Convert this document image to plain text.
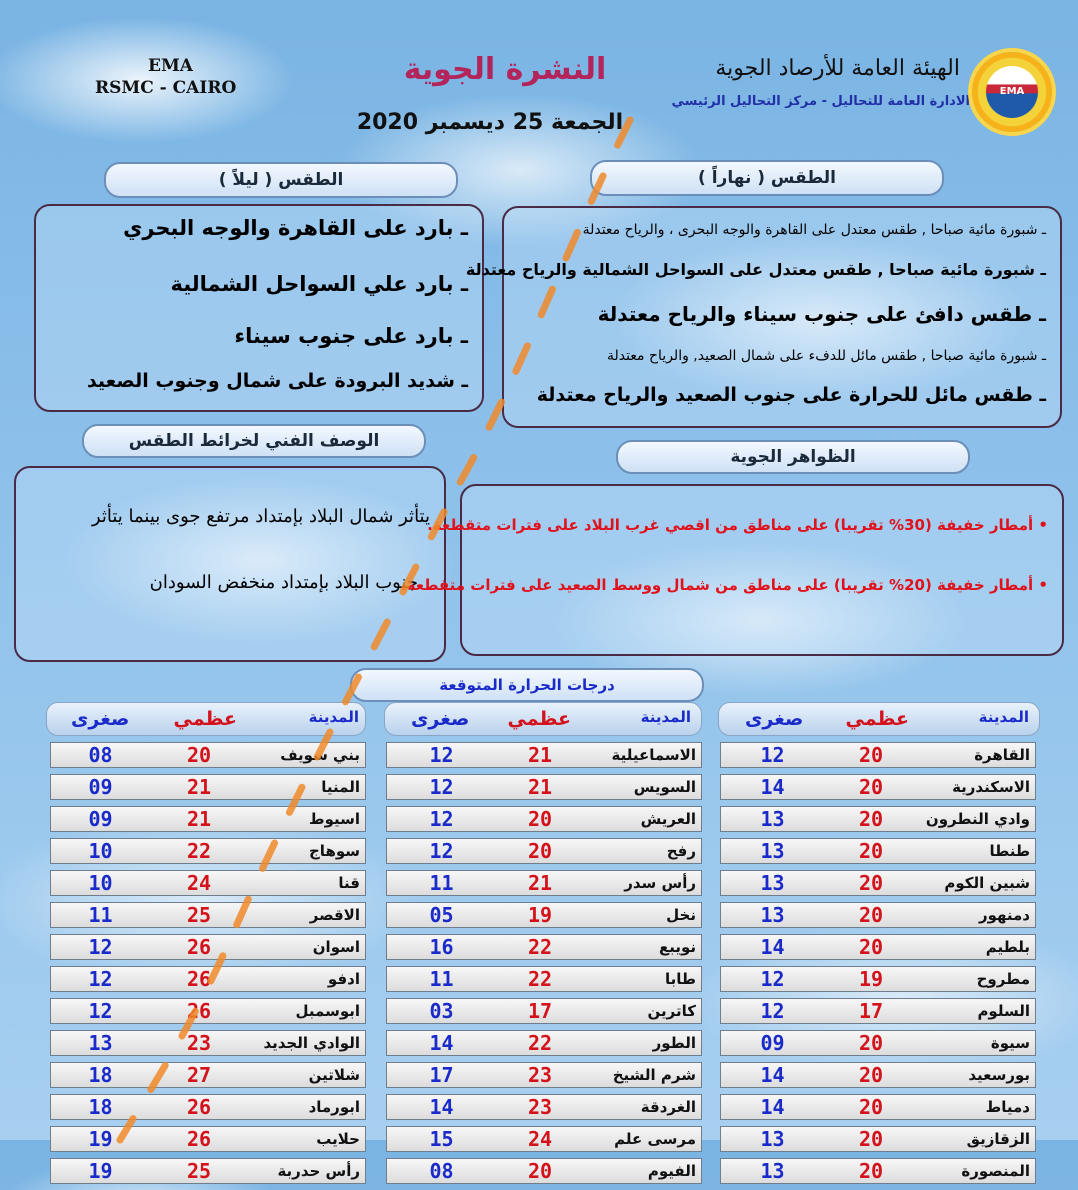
EMA
RSMC - CAIRO
النشرة الجوية
الجمعة 25 ديسمبر 2020
الهيئة العامة للأرصاد الجوية
الادارة العامة للتحاليل - مركز التحاليل الرئيسي
EMA
الطقس ( ليلاً )	الطقس ( نهاراً )
ـ بارد على القاهرة والوجه البحري
ـ بارد علي السواحل الشمالية
ـ بارد على جنوب سيناء
ـ شديد البرودة على شمال وجنوب الصعيد
ـ شبورة مائية صباحا , طقس معتدل على القاهرة والوجه البحرى ، والرياح معتدلة
ـ شبورة مائية صباحا , طقس معتدل على السواحل الشمالية والرياح معتدلة
ـ طقس دافئ على جنوب سيناء والرياح معتدلة
ـ شبورة مائية صباحا , طقس مائل للدفء على شمال الصعيد, والرياح معتدلة
ـ طقس مائل للحرارة على جنوب الصعيد والرياح معتدلة
الوصف الفني لخرائط الطقس
الظواهر الجوية
يتأثر شمال البلاد بإمتداد مرتفع جوى بينما يتأثر
جنوب البلاد بإمتداد منخفض السودان
• أمطار خفيفة (30% تقريبا) على مناطق من اقصي غرب البلاد على فترات متقطعة.
• أمطار خفيفة (20% تقريبا) على مناطق من شمال ووسط الصعيد على فترات متقطعة.
درجات الحرارة المتوقعة
المدينة
عظمي
صغرى
المدينة
عظمي
صغرى
المدينة
عظمي
صغرى
08	20	بني سويف
09	21	المنيا
09	21	اسيوط
10	22	سوهاج
10	24	قنا
11	25	الاقصر
12	26	اسوان
12	26	ادفو
12	26	ابوسمبل
13	23	الوادي الجديد
18	27	شلاتين
18	26	ابورماد
19	26	حلايب
19	25	رأس حدربة
12	21	الاسماعيلية
12	21	السويس
12	20	العريش
12	20	رفح
11	21	رأس سدر
05	19	نخل
16	22	نويبع
11	22	طابا
03	17	كاترين
14	22	الطور
17	23	شرم الشيخ
14	23	الغردقة
15	24	مرسى علم
08	20	الفيوم
12	20	القاهرة
14	20	الاسكندرية
13	20	وادي النطرون
13	20	طنطا
13	20	شبين الكوم
13	20	دمنهور
14	20	بلطيم
12	19	مطروح
12	17	السلوم
09	20	سيوة
14	20	بورسعيد
14	20	دمياط
13	20	الزقازيق
13	20	المنصورة
